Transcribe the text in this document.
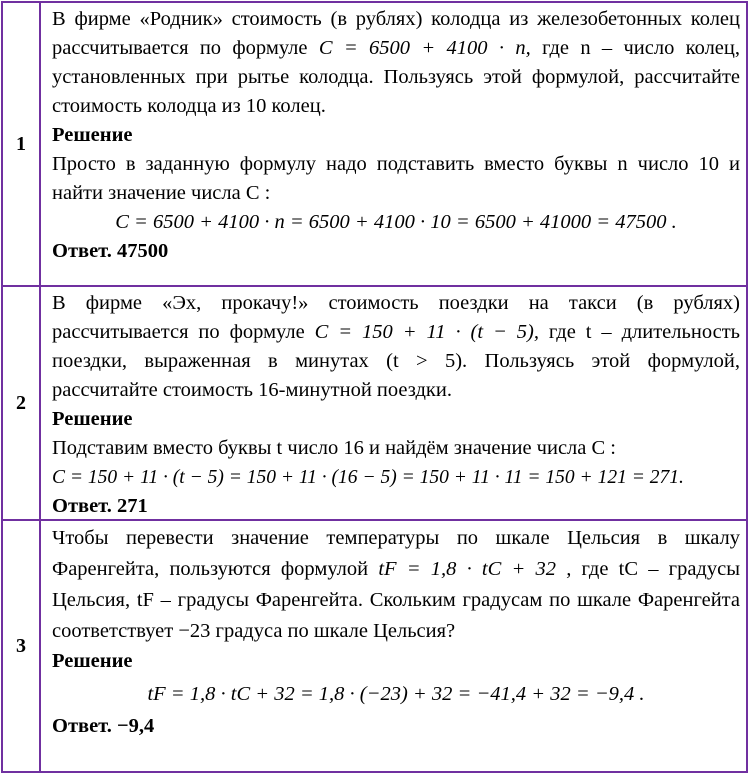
1

В фирме «Родник» стоимость (в рублях) колодца из железобетонных колец рассчитывается по формуле C = 6500 + 4100 · n, где n – число колец, установленных при рытье колодца. Пользуясь этой формулой, рассчитайте стоимость колодца из 10 колец.

Решение

Просто в заданную формулу надо подставить вместо буквы n число 10 и найти значение числа C :

C = 6500 + 4100 · n = 6500 + 4100 · 10 = 6500 + 41000 = 47500 .

Ответ. 47500

2

В фирме «Эх, прокачу!» стоимость поездки на такси (в рублях) рассчитывается по формуле C = 150 + 11 · (t − 5), где t – длительность поездки, выраженная в минутах (t > 5). Пользуясь этой формулой, рассчитайте стоимость 16-минутной поездки.

Решение

Подставим вместо буквы t число 16 и найдём значение числа C :

C = 150 + 11 · (t − 5) = 150 + 11 · (16 − 5) = 150 + 11 · 11 = 150 + 121 = 271.

Ответ. 271

3

Чтобы перевести значение температуры по шкале Цельсия в шкалу Фаренгейта, пользуются формулой tF = 1,8 · tC + 32 , где tC – градусы Цельсия, tF – градусы Фаренгейта. Скольким градусам по шкале Фаренгейта соответствует −23 градуса по шкале Цельсия?

Решение

tF = 1,8 · tC + 32 = 1,8 · (−23) + 32 = −41,4 + 32 = −9,4 .

Ответ. −9,4
